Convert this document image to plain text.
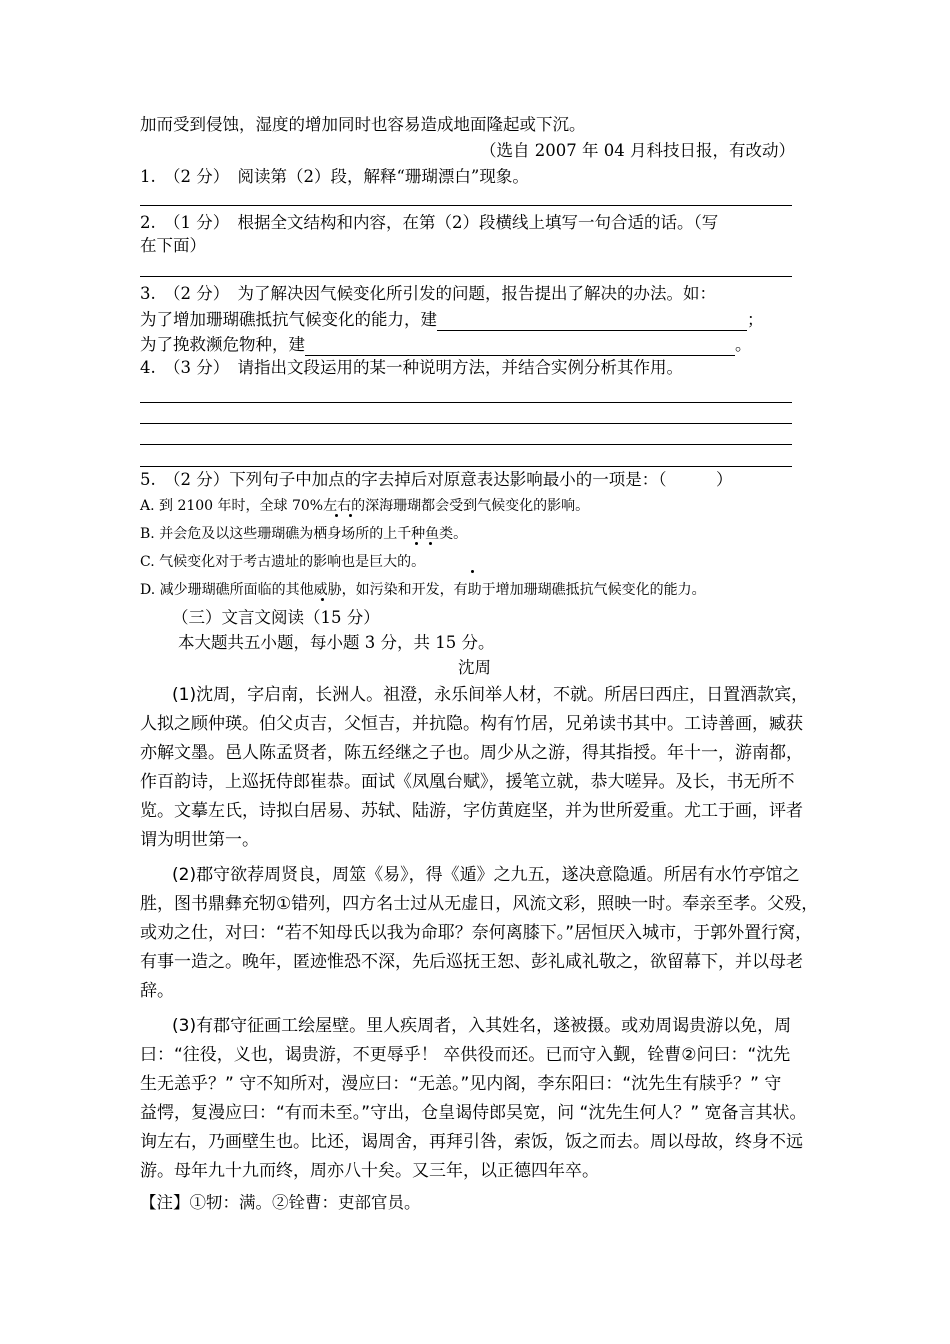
加而受到侵蚀，湿度的增加同时也容易造成地面隆起或下沉。
（选自 2007 年 04 月科技日报，有改动）
1.　（2 分）　阅读第（2）段，解释“珊瑚漂白”现象。
2.　（1 分）　根据全文结构和内容，在第（2）段横线上填写一句合适的话。（写
在下面）
3.　（2 分）　为了解决因气候变化所引发的问题，报告提出了解决的办法。如：
为了增加珊瑚礁抵抗气候变化的能力，建	；
为了挽救濒危物种，建	。
4.　（3 分）　请指出文段运用的某一种说明方法，并结合实例分析其作用。
5.　（2 分）下列句子中加点的字去掉后对原意表达影响最小的一项是：（　　　）
A. 到 2100 年时，全球 70%左右的深海珊瑚都会受到气候变化的影响。
B. 并会危及以这些珊瑚礁为栖身场所的上千种鱼类。
C. 气候变化对于考古遗址的影响也是巨大的。
D. 减少珊瑚礁所面临的其他威胁，如污染和开发，有助于增加珊瑚礁抵抗气候变化的能力。
（三）文言文阅读（15 分）
本大题共五小题，每小题 3 分，共 15 分。
沈周
(1)沈周，字启南，长洲人。祖澄，永乐间举人材，不就。所居曰西庄，日置酒款宾，
人拟之顾仲瑛。伯父贞吉，父恒吉，并抗隐。构有竹居，兄弟读书其中。工诗善画，臧获
亦解文墨。邑人陈孟贤者，陈五经继之子也。周少从之游，得其指授。年十一，游南都，
作百韵诗，上巡抚侍郎崔恭。面试《凤凰台赋》，援笔立就，恭大嗟异。及长，书无所不
览。文摹左氏，诗拟白居易、苏轼、陆游，字仿黄庭坚，并为世所爱重。尤工于画，评者
谓为明世第一。
(2)郡守欲荐周贤良，周筮《易》，得《遁》之九五，遂决意隐遁。所居有水竹亭馆之
胜，图书鼎彝充牣①错列，四方名士过从无虚日，风流文彩，照映一时。奉亲至孝。父殁，
或劝之仕，对曰：“若不知母氏以我为命耶？奈何离膝下。”居恒厌入城市，于郭外置行窝，
有事一造之。晚年，匿迹惟恐不深，先后巡抚王恕、彭礼咸礼敬之，欲留幕下，并以母老
辞。
(3)有郡守征画工绘屋壁。里人疾周者，入其姓名，遂被摄。或劝周谒贵游以免，周
曰：“往役，义也，谒贵游，不更辱乎！ 卒供役而还。已而守入觐，铨曹②问曰：“沈先
生无恙乎？” 守不知所对，漫应曰：“无恙。”见内阁，李东阳曰：“沈先生有牍乎？” 守
益愕，复漫应曰：“有而未至。”守出，仓皇谒侍郎吴宽，问 “沈先生何人？” 宽备言其状。
询左右，乃画壁生也。比还，谒周舍，再拜引咎，索饭，饭之而去。周以母故，终身不远
游。母年九十九而终，周亦八十矣。又三年，以正德四年卒。
【注】①牣：满。②铨曹：吏部官员。
